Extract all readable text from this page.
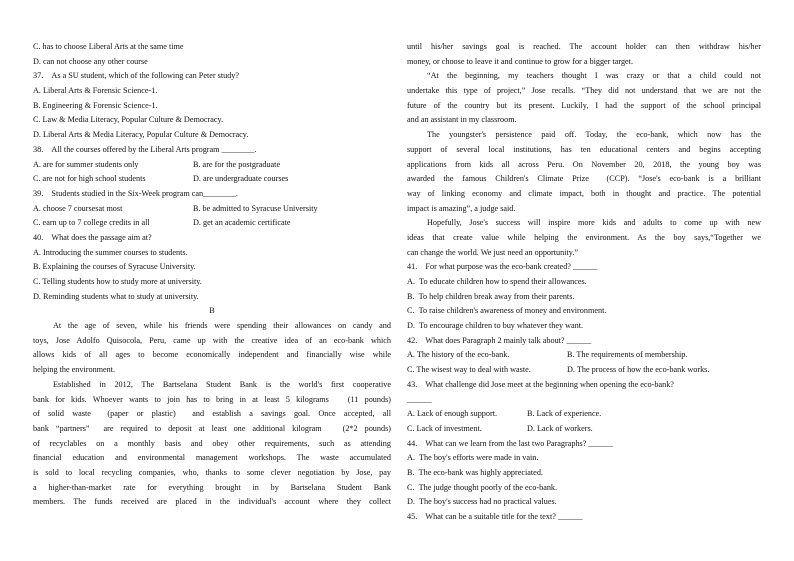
C. has to choose Liberal Arts at the same time
D. can not choose any other course
37.    As a SU student, which of the following can Peter study?
A. Liberal Arts & Forensic Science-1.
B. Engineering & Forensic Science-1.
C. Law & Media Literacy, Popular Culture & Democracy.
D. Liberal Arts & Media Literacy, Popular Culture & Democracy.
38.    All the courses offered by the Liberal Arts program ________.
A. are for summer students only	B. are for the postgraduate
C. are not for high school students	D. are undergraduate courses
39.    Students studied in the Six-Week program can________.
A. choose 7 coursesat most	B. be admitted to Syracuse University
C. earn up to 7 college credits in all	D. get an academic certificate
40.    What does the passage aim at?
A. Introducing the summer courses to students.
B. Explaining the courses of Syracuse University.
C. Telling students how to study more at university.
D. Reminding students what to study at university.
B
At the age of seven, while his friends were spending their allowances on candy and
toys, Jose Adolfo Quisocola, Peru, came up with the creative idea of an eco-bank which
allows kids of all ages to become economically independent and financially wise while
helping the environment.
Established in 2012, The Bartselana Student Bank is the world's first cooperative
bank for kids. Whoever wants to join has to bring in at least 5 kilograms   (11 pounds)
of solid waste  (paper or plastic)  and establish a savings goal. Once accepted, all
bank “partners”  are required to deposit at least one additional kilogram   (2*2 pounds)
of recyclables on a monthly basis and obey other requirements, such as attending
financial education and environmental management workshops. The waste accumulated
is sold to local recycling companies, who, thanks to some clever negotiation by Jose, pay
a higher-than-market rate for everything brought in by Bartselana Student Bank
members. The funds received are placed in the individual's account where they collect
until his/her savings goal is reached. The account holder can then withdraw his/her
money, or choose to leave it and continue to grow for a bigger target.
“At the beginning, my teachers thought I was crazy or that a child could not
undertake this type of project,” Jose recalls. “They did not understand that we are not the
future of the country but its present. Luckily, I had the support of the school principal
and an assistant in my classroom.
The youngster's persistence paid off. Today, the eco-bank, which now has the
support of several local institutions, has ten educational centers and begins accepting
applications from kids all across Peru. On November 20, 2018, the young boy was
awarded the famous Children's Climate Prize  (CCP). “Jose's eco-bank is a brilliant
way of linking economy and climate impact, both in thought and practice. The potential
impact is amazing”, a judge said.
Hopefully, Jose's success will inspire more kids and adults to come up with new
ideas that create value while helping the environment. As the boy says,“Together we
can change the world. We just need an opportunity.”
41.    For what purpose was the eco-bank created? ______
A.  To educate children how to spend their allowances.
B.  To help children break away from their parents.
C.  To raise children's awareness of money and environment.
D.  To encourage children to buy whatever they want.
42.    What does Paragraph 2 mainly talk about? ______
A. The history of the eco-bank.	B. The requirements of membership.
C. The wisest way to deal with waste.	D. The process of how the eco-bank works.
43.    What challenge did Jose meet at the beginning when opening the eco-bank?
______
A. Lack of enough support.	B. Lack of experience.
C. Lack of investment.	D. Lack of workers.
44.    What can we learn from the last two Paragraphs? ______
A.  The boy's efforts were made in vain.
B.  The eco-bank was highly appreciated.
C.  The judge thought poorly of the eco-bank.
D.  The boy's success had no practical values.
45.    What can be a suitable title for the text? ______
